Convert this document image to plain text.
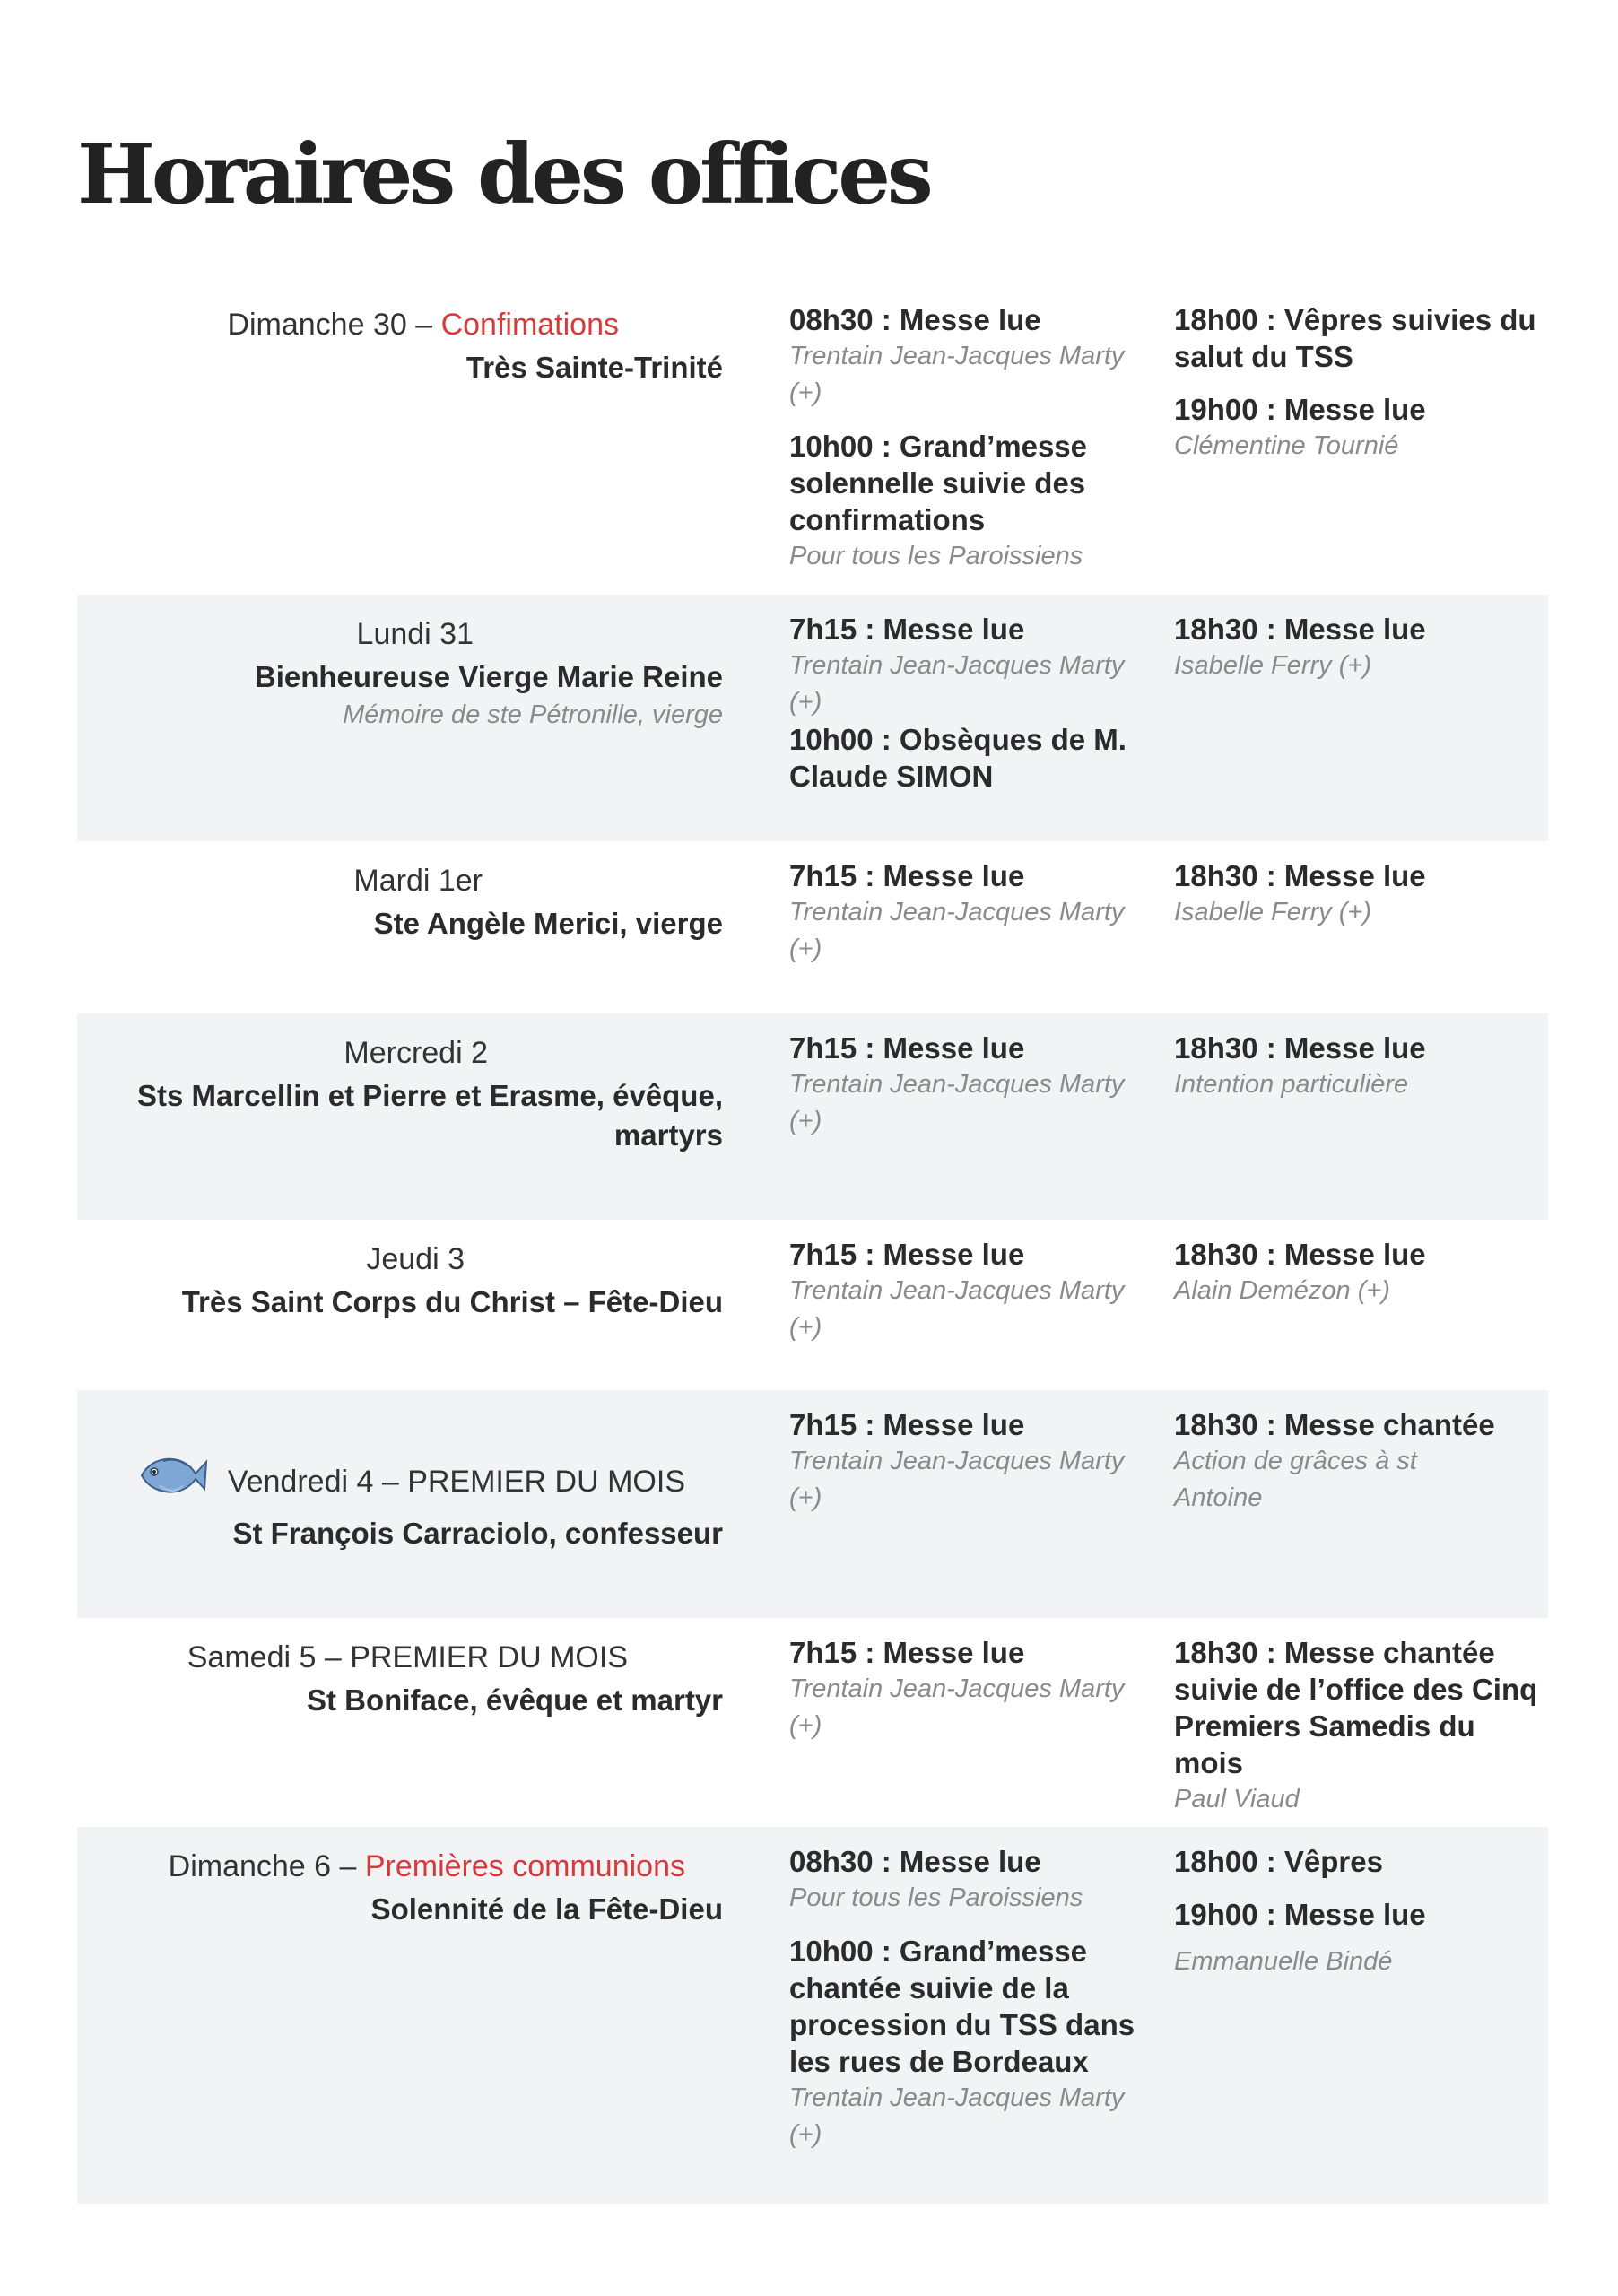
Horaires des offices
Dimanche 30 – Confimations
Très Sainte-Trinité
08h30 : Messe lue
Trentain Jean-Jacques Marty (+)
10h00 : Grand’messe solennelle suivie des confirmations
Pour tous les Paroissiens
18h00 : Vêpres suivies du salut du TSS
19h00 : Messe lue
Clémentine Tournié
Lundi 31
Bienheureuse Vierge Marie Reine
Mémoire de ste Pétronille, vierge
7h15 : Messe lue
Trentain Jean-Jacques Marty (+)
10h00 : Obsèques de M. Claude SIMON
18h30 : Messe lue
Isabelle Ferry (+)
Mardi 1er
Ste Angèle Merici, vierge
7h15 : Messe lue
Trentain Jean-Jacques Marty (+)
18h30 : Messe lue
Isabelle Ferry (+)
Mercredi 2
Sts Marcellin et Pierre et Erasme, évêque, martyrs
7h15 : Messe lue
Trentain Jean-Jacques Marty (+)
18h30 : Messe lue
Intention particulière
Jeudi 3
Très Saint Corps du Christ – Fête-Dieu
7h15 : Messe lue
Trentain Jean-Jacques Marty (+)
18h30 : Messe lue
Alain Demézon (+)
Vendredi 4 – PREMIER DU MOIS
St François Carraciolo, confesseur
7h15 : Messe lue
Trentain Jean-Jacques Marty (+)
18h30 : Messe chantée
Action de grâces à st Antoine
Samedi 5 – PREMIER DU MOIS
St Boniface, évêque et martyr
7h15 : Messe lue
Trentain Jean-Jacques Marty (+)
18h30 : Messe chantée suivie de l’office des Cinq Premiers Samedis du mois
Paul Viaud
Dimanche 6 – Premières communions
Solennité de la Fête-Dieu
08h30 : Messe lue
Pour tous les Paroissiens
10h00 : Grand’messe chantée suivie de la procession du TSS dans les rues de Bordeaux
Trentain Jean-Jacques Marty (+)
18h00 : Vêpres
19h00 : Messe lue
Emmanuelle Bindé
